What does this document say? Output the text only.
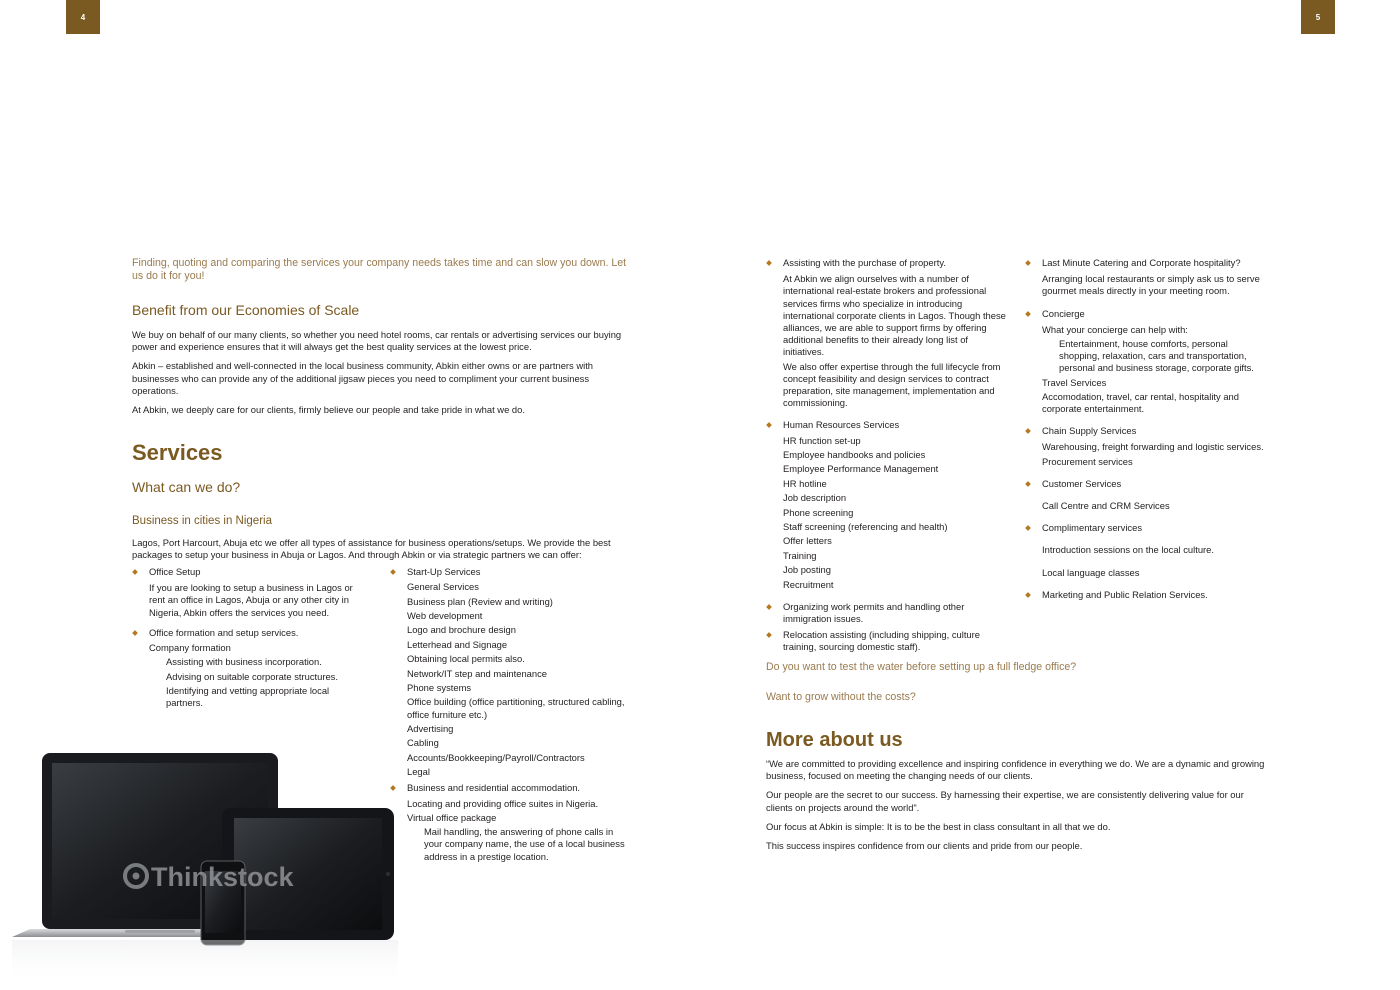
4	5
Finding, quoting and comparing the services your company needs takes time and can slow you down. Let us do it for you!
Benefit from our Economies of Scale
We buy on behalf of our many clients, so whether you need hotel rooms, car rentals or advertising services our buying power and experience ensures that it will always get the best quality services at the lowest price.
Abkin – established and well-connected in the local business community, Abkin either owns or are partners with businesses who can provide any of the additional jigsaw pieces you need to compliment your current business operations.
At Abkin, we deeply care for our clients, firmly believe our people and take pride in what we do.
Services
What can we do?
Business in cities in Nigeria
Lagos, Port Harcourt, Abuja etc we offer all types of assistance for business operations/setups. We provide the best packages to setup your business in Abuja or Lagos. And through Abkin or via strategic partners we can offer:
Office Setup
If you are looking to setup a business in Lagos or rent an office in Lagos, Abuja or any other city in Nigeria, Abkin offers the services you need.
Office formation and setup services.
Company formation
Assisting with business incorporation.
Advising on suitable corporate structures.
Identifying and vetting appropriate local partners.
Start-Up Services
General Services
Business plan (Review and writing)
Web development
Logo and brochure design
Letterhead and Signage
Obtaining local permits also.
Network/IT step and maintenance
Phone systems
Office building (office partitioning, structured cabling, office furniture etc.)
Advertising
Cabling
Accounts/Bookkeeping/Payroll/Contractors
Legal
Business and residential accommodation.
Locating and providing office suites in Nigeria.
Virtual office package
Mail handling, the answering of phone calls in your company name, the use of a local business address in a prestige location.
Thinkstock
Assisting with the purchase of property.
At Abkin we align ourselves with a number of international real-estate brokers and professional services firms who specialize in introducing international corporate clients in Lagos. Though these alliances, we are able to support firms by offering additional benefits to their already long list of initiatives.
We also offer expertise through the full lifecycle from concept feasibility and design services to contract preparation, site management, implementation and commissioning.
Human Resources Services
HR function set-up
Employee handbooks and policies
Employee Performance Management
HR hotline
Job description
Phone screening
Staff screening (referencing and health)
Offer letters
Training
Job posting
Recruitment
Organizing work permits and handling other immigration issues.
Relocation assisting (including shipping, culture training, sourcing domestic staff).
Last Minute Catering and Corporate hospitality?
Arranging local restaurants or simply ask us to serve gourmet meals directly in your meeting room.
Concierge
What your concierge can help with:
Entertainment, house comforts, personal shopping, relaxation, cars and transportation, personal and business storage, corporate gifts.
Travel Services
Accomodation, travel, car rental, hospitality and corporate entertainment.
Chain Supply Services
Warehousing, freight forwarding and logistic services.
Procurement services
Customer Services
Call Centre and CRM Services
Complimentary services
Introduction sessions on the local culture.
Local language classes
Marketing and Public Relation Services.
Do you want to test the water before setting up a full fledge office?
Want to grow without the costs?
More about us
“We are committed to providing excellence and inspiring confidence in everything we do. We are a dynamic and growing business, focused on meeting the changing needs of our clients.
Our people are the secret to our success. By harnessing their expertise, we are consistently delivering value for our clients on projects around the world”.
Our focus at Abkin is simple: It is to be the best in class consultant in all that we do.
This success inspires confidence from our clients and pride from our people.
